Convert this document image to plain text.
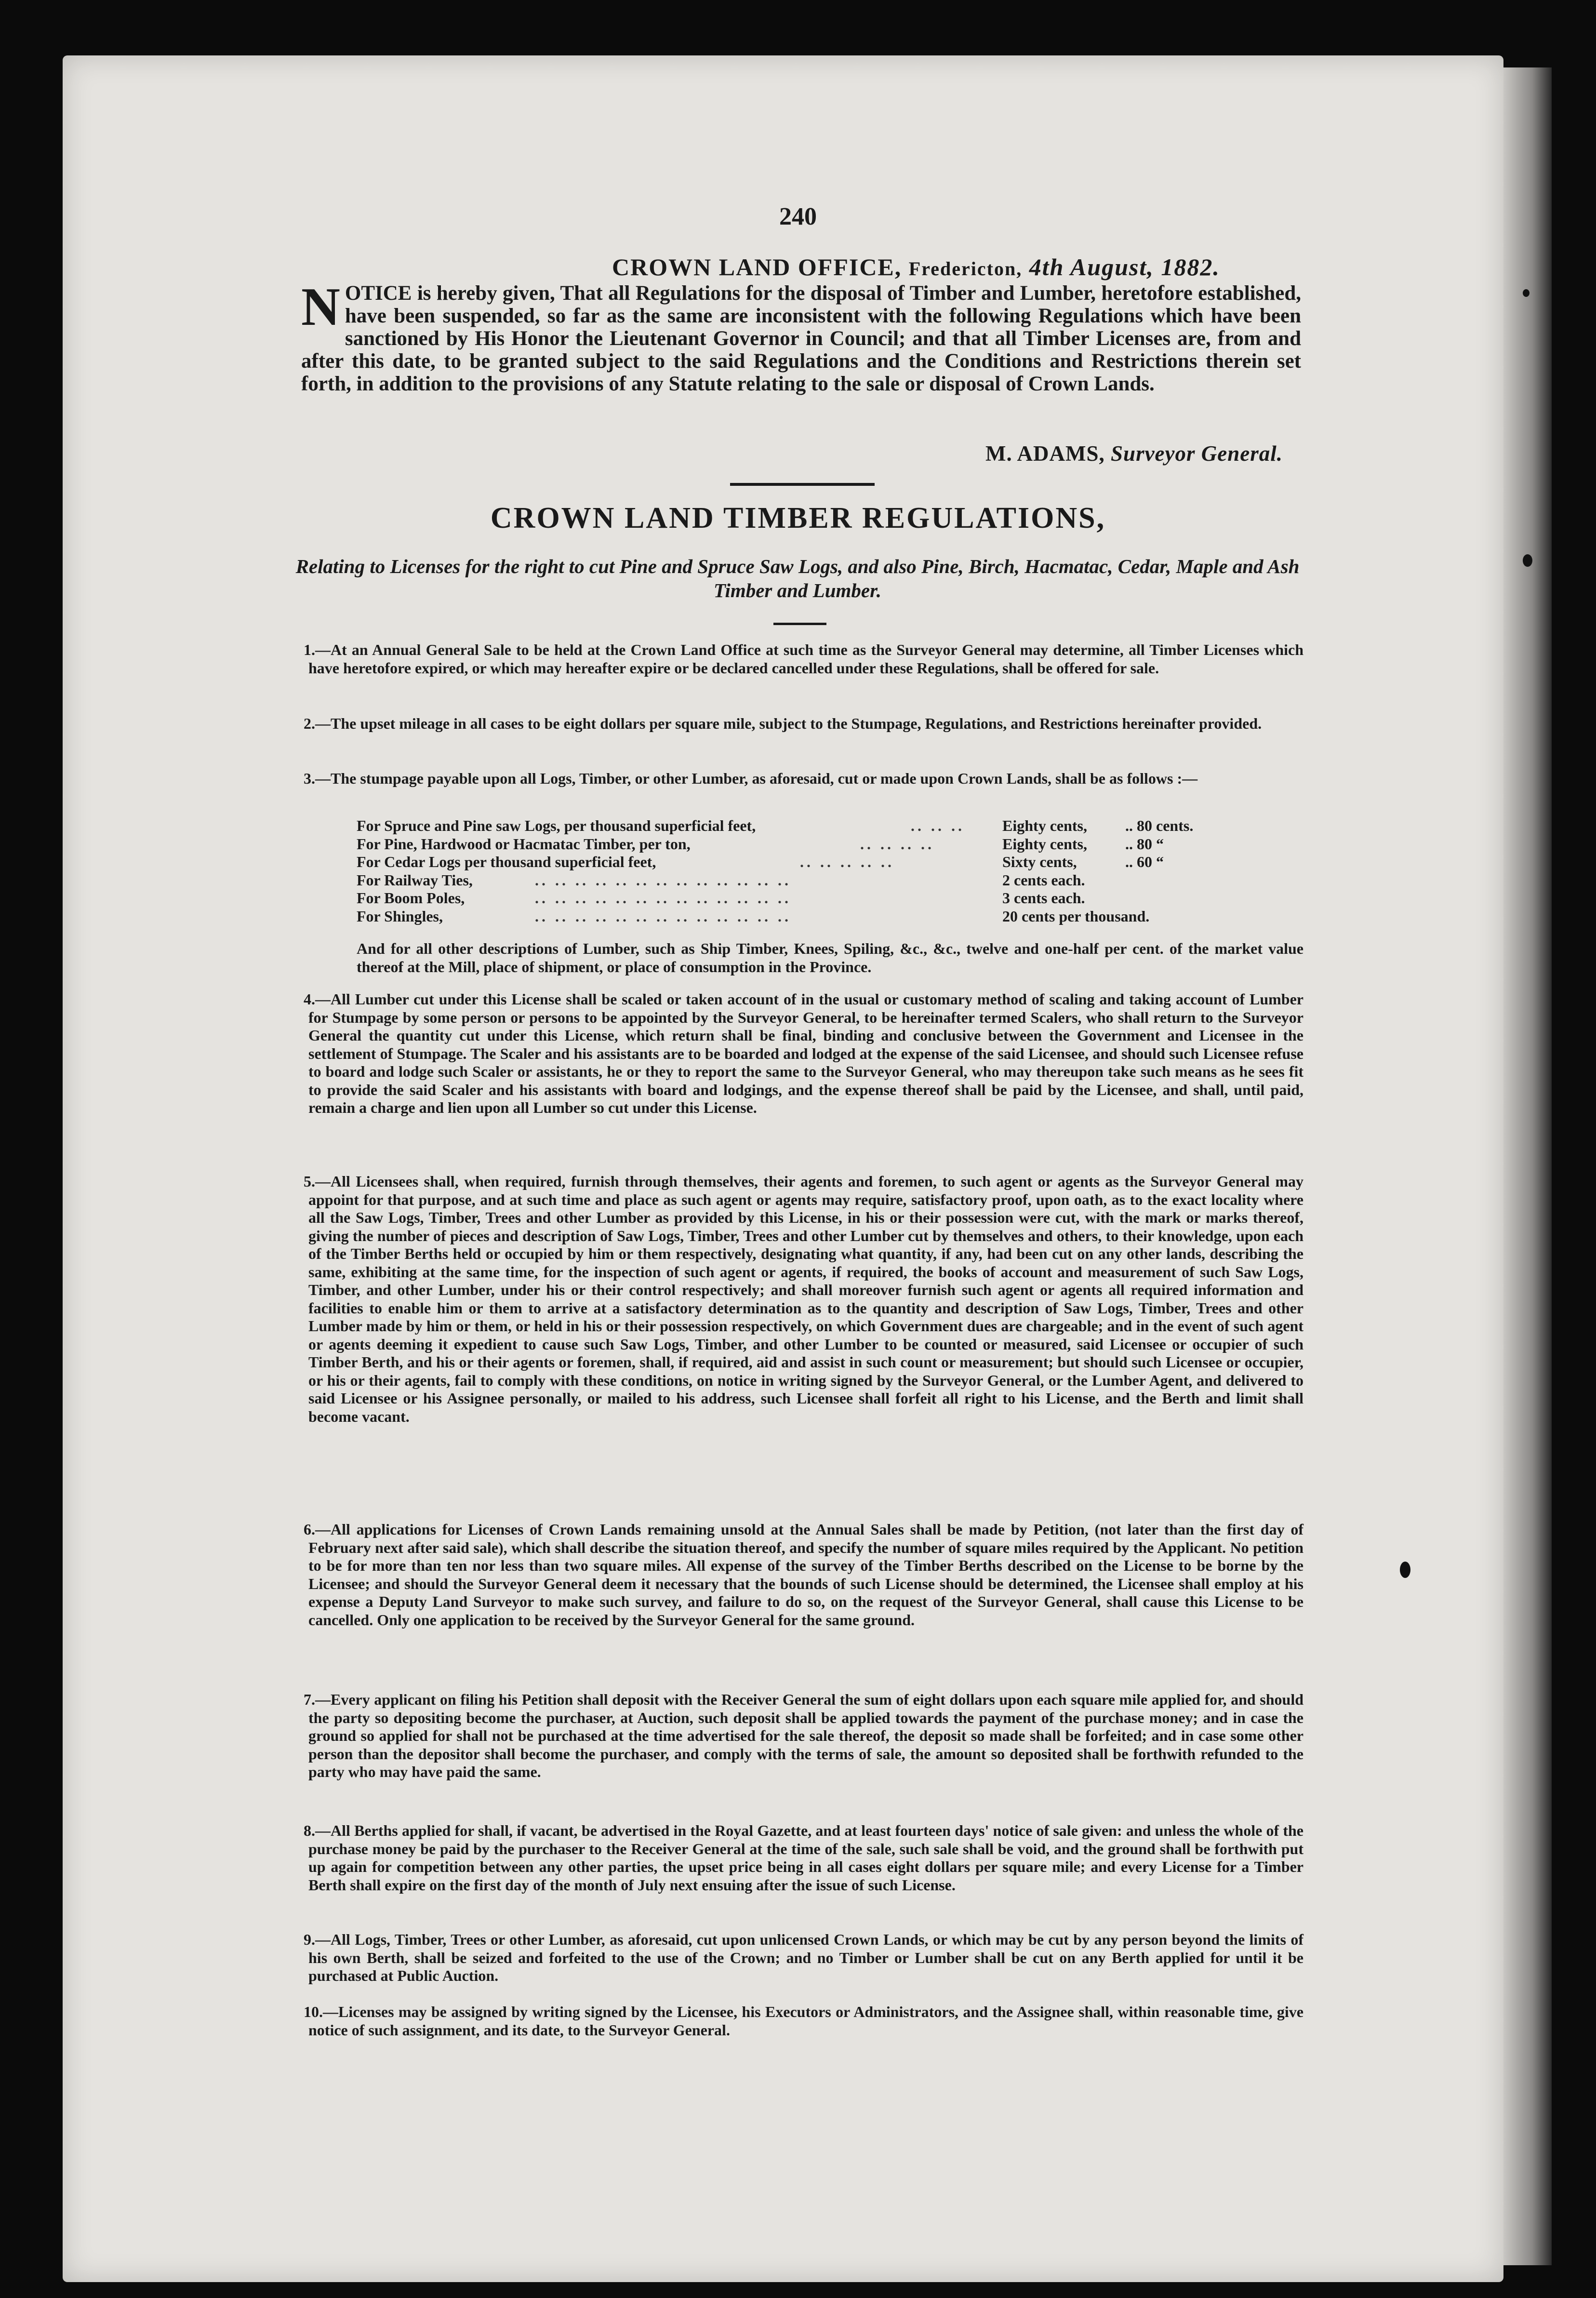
240
CROWN LAND OFFICE, Fredericton, 4th August, 1882.
NOTICE is hereby given, That all Regulations for the disposal of Timber and Lumber, heretofore established, have been suspended, so far as the same are inconsistent with the following Regulations which have been sanctioned by His Honor the Lieutenant Governor in Council; and that all Timber Licenses are, from and after this date, to be granted subject to the said Regulations and the Conditions and Restrictions therein set forth, in addition to the provisions of any Statute relating to the sale or disposal of Crown Lands.
M. ADAMS, Surveyor General.
CROWN LAND TIMBER REGULATIONS,
Relating to Licenses for the right to cut Pine and Spruce Saw Logs, and also Pine, Birch, Hacmatac, Cedar, Maple and Ash Timber and Lumber.
1.—At an Annual General Sale to be held at the Crown Land Office at such time as the Surveyor General may determine, all Timber Licenses which have heretofore expired, or which may hereafter expire or be declared cancelled under these Regulations, shall be offered for sale.
2.—The upset mileage in all cases to be eight dollars per square mile, subject to the Stumpage, Regulations, and Restrictions hereinafter provided.
3.—The stumpage payable upon all Logs, Timber, or other Lumber, as aforesaid, cut or made upon Crown Lands, shall be as follows :—
For Spruce and Pine saw Logs, per thousand superficial feet,	.. .. .. Eighty cents, .. 80 cents.
For Pine, Hardwood or Hacmatac Timber, per ton,	.. .. .. ..	Eighty cents, .. 80 “
For Cedar Logs per thousand superficial feet,	.. .. .. .. ..	Sixty cents,	.. 60 “
For Railway Ties,	.. .. .. .. .. .. .. .. .. .. .. .. ..	2 cents each.
For Boom Poles,	.. .. .. .. .. .. .. .. .. .. .. .. ..	3 cents each.
For Shingles,	.. .. .. .. .. .. .. .. .. .. .. .. ..	20 cents per thousand.
And for all other descriptions of Lumber, such as Ship Timber, Knees, Spiling, &c., &c., twelve and one-half per cent. of the market value thereof at the Mill, place of shipment, or place of consumption in the Province.
4.—All Lumber cut under this License shall be scaled or taken account of in the usual or customary method of scaling and taking account of Lumber for Stumpage by some person or persons to be appointed by the Surveyor General, to be hereinafter termed Scalers, who shall return to the Surveyor General the quantity cut under this License, which return shall be final, binding and conclusive between the Government and Licensee in the settlement of Stumpage. The Scaler and his assistants are to be boarded and lodged at the expense of the said Licensee, and should such Licensee refuse to board and lodge such Scaler or assistants, he or they to report the same to the Surveyor General, who may thereupon take such means as he sees fit to provide the said Scaler and his assistants with board and lodgings, and the expense thereof shall be paid by the Licensee, and shall, until paid, remain a charge and lien upon all Lumber so cut under this License.
5.—All Licensees shall, when required, furnish through themselves, their agents and foremen, to such agent or agents as the Surveyor General may appoint for that purpose, and at such time and place as such agent or agents may require, satisfactory proof, upon oath, as to the exact locality where all the Saw Logs, Timber, Trees and other Lumber as provided by this License, in his or their possession were cut, with the mark or marks thereof, giving the number of pieces and description of Saw Logs, Timber, Trees and other Lumber cut by themselves and others, to their knowledge, upon each of the Timber Berths held or occupied by him or them respectively, designating what quantity, if any, had been cut on any other lands, describing the same, exhibiting at the same time, for the inspection of such agent or agents, if required, the books of account and measurement of such Saw Logs, Timber, and other Lumber, under his or their control respectively; and shall moreover furnish such agent or agents all required information and facilities to enable him or them to arrive at a satisfactory determination as to the quantity and description of Saw Logs, Timber, Trees and other Lumber made by him or them, or held in his or their possession respectively, on which Government dues are chargeable; and in the event of such agent or agents deeming it expedient to cause such Saw Logs, Timber, and other Lumber to be counted or measured, said Licensee or occupier of such Timber Berth, and his or their agents or foremen, shall, if required, aid and assist in such count or measurement; but should such Licensee or occupier, or his or their agents, fail to comply with these conditions, on notice in writing signed by the Surveyor General, or the Lumber Agent, and delivered to said Licensee or his Assignee personally, or mailed to his address, such Licensee shall forfeit all right to his License, and the Berth and limit shall become vacant.
6.—All applications for Licenses of Crown Lands remaining unsold at the Annual Sales shall be made by Petition, (not later than the first day of February next after said sale), which shall describe the situation thereof, and specify the number of square miles required by the Applicant. No petition to be for more than ten nor less than two square miles. All expense of the survey of the Timber Berths described on the License to be borne by the Licensee; and should the Surveyor General deem it necessary that the bounds of such License should be determined, the Licensee shall employ at his expense a Deputy Land Surveyor to make such survey, and failure to do so, on the request of the Surveyor General, shall cause this License to be cancelled. Only one application to be received by the Surveyor General for the same ground.
7.—Every applicant on filing his Petition shall deposit with the Receiver General the sum of eight dollars upon each square mile applied for, and should the party so depositing become the purchaser, at Auction, such deposit shall be applied towards the payment of the purchase money; and in case the ground so applied for shall not be purchased at the time advertised for the sale thereof, the deposit so made shall be forfeited; and in case some other person than the depositor shall become the purchaser, and comply with the terms of sale, the amount so deposited shall be forthwith refunded to the party who may have paid the same.
8.—All Berths applied for shall, if vacant, be advertised in the Royal Gazette, and at least fourteen days' notice of sale given: and unless the whole of the purchase money be paid by the purchaser to the Receiver General at the time of the sale, such sale shall be void, and the ground shall be forthwith put up again for competition between any other parties, the upset price being in all cases eight dollars per square mile; and every License for a Timber Berth shall expire on the first day of the month of July next ensuing after the issue of such License.
9.—All Logs, Timber, Trees or other Lumber, as aforesaid, cut upon unlicensed Crown Lands, or which may be cut by any person beyond the limits of his own Berth, shall be seized and forfeited to the use of the Crown; and no Timber or Lumber shall be cut on any Berth applied for until it be purchased at Public Auction.
10.—Licenses may be assigned by writing signed by the Licensee, his Executors or Administrators, and the Assignee shall, within reasonable time, give notice of such assignment, and its date, to the Surveyor General.
